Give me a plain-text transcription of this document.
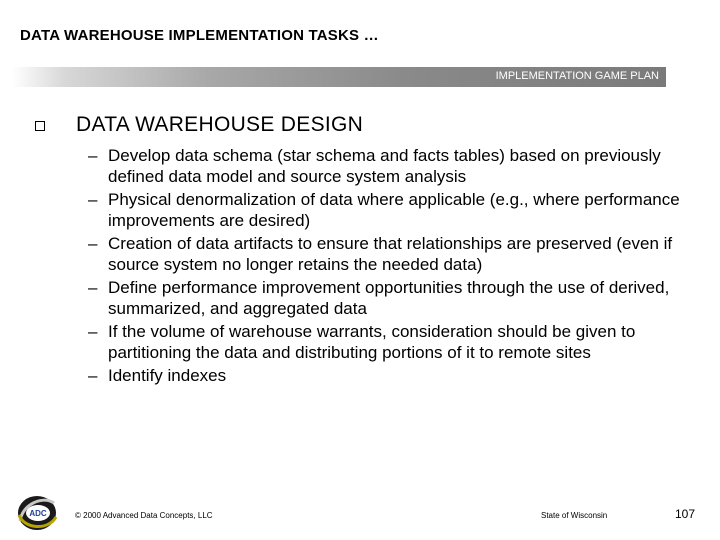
DATA WAREHOUSE IMPLEMENTATION TASKS …
IMPLEMENTATION GAME PLAN
DATA WAREHOUSE DESIGN
– Develop data schema (star schema and facts tables) based on previously defined data model and source system analysis
– Physical denormalization of data where applicable (e.g., where performance improvements are desired)
– Creation of data artifacts to ensure that relationships are preserved (even if source system no longer retains the needed data)
– Define performance improvement opportunities through the use of derived, summarized, and aggregated data
– If the volume of warehouse warrants, consideration should be given to partitioning the data and distributing portions of it to remote sites
– Identify indexes
ADC	© 2000 Advanced Data Concepts, LLC	State of Wisconsin	107
